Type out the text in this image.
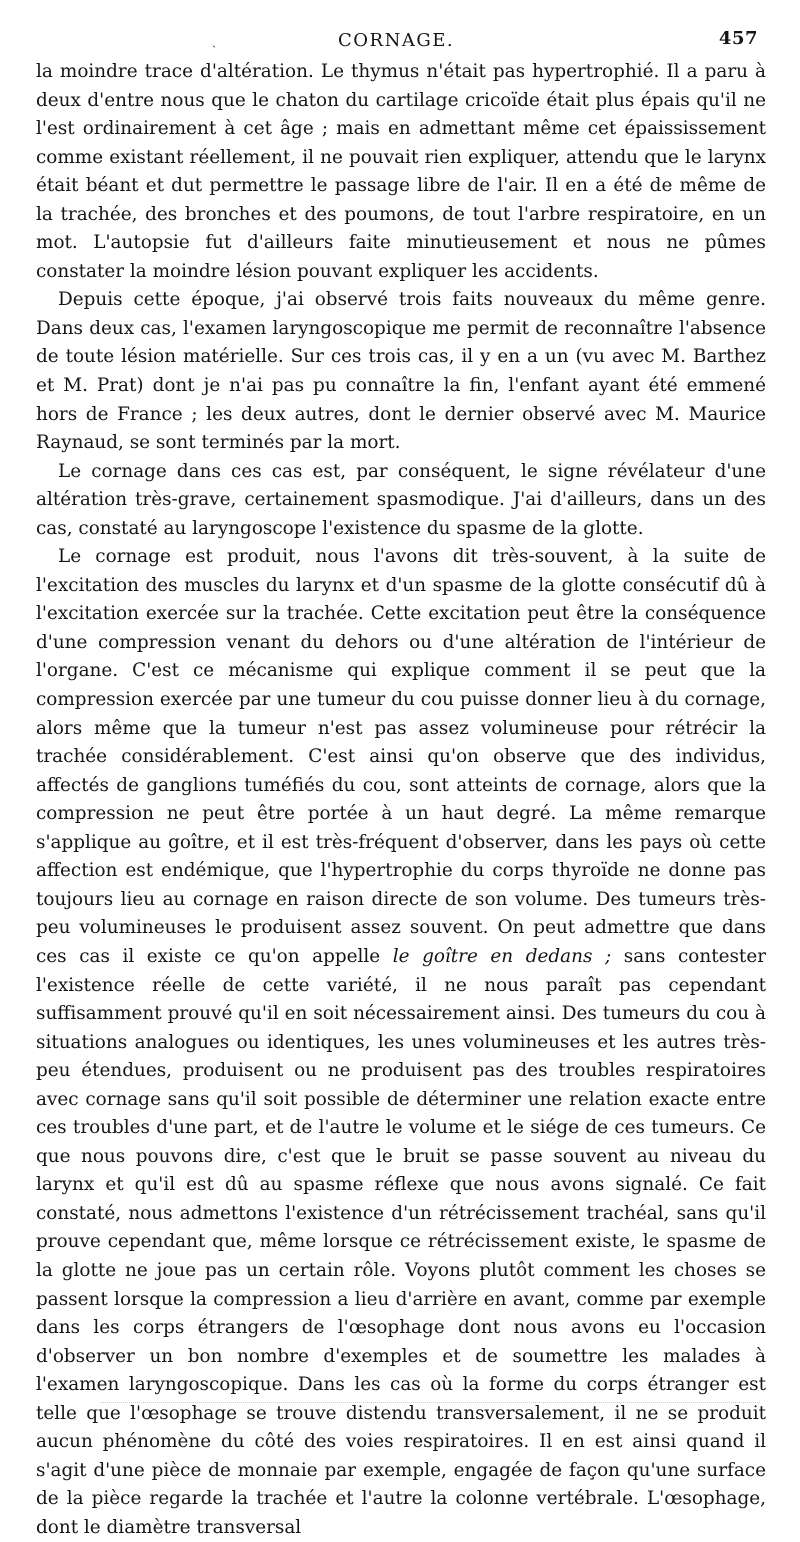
ˎ	CORNAGE.	457

la moindre trace d'altération. Le thymus n'était pas hypertrophié. Il a paru à deux d'entre nous que le chaton du cartilage cricoïde était plus épais qu'il ne l'est ordinairement à cet âge ; mais en admettant même cet épaississement comme existant réellement, il ne pouvait rien expliquer, attendu que le larynx était béant et dut permettre le passage libre de l'air. Il en a été de même de la trachée, des bronches et des poumons, de tout l'arbre respiratoire, en un mot. L'autopsie fut d'ailleurs faite minutieusement et nous ne pûmes constater la moindre lésion pouvant expliquer les accidents.

Depuis cette époque, j'ai observé trois faits nouveaux du même genre. Dans deux cas, l'examen laryngoscopique me permit de reconnaître l'absence de toute lésion matérielle. Sur ces trois cas, il y en a un (vu avec M. Barthez et M. Prat) dont je n'ai pas pu connaître la fin, l'enfant ayant été emmené hors de France ; les deux autres, dont le dernier observé avec M. Maurice Raynaud, se sont terminés par la mort.

Le cornage dans ces cas est, par conséquent, le signe révélateur d'une altération très-grave, certainement spasmodique. J'ai d'ailleurs, dans un des cas, constaté au laryngoscope l'existence du spasme de la glotte.

Le cornage est produit, nous l'avons dit très-souvent, à la suite de l'excitation des muscles du larynx et d'un spasme de la glotte consécutif dû à l'excitation exercée sur la trachée. Cette excitation peut être la conséquence d'une compression venant du dehors ou d'une altération de l'intérieur de l'organe. C'est ce mécanisme qui explique comment il se peut que la compression exercée par une tumeur du cou puisse donner lieu à du cornage, alors même que la tumeur n'est pas assez volumineuse pour rétrécir la trachée considérablement. C'est ainsi qu'on observe que des individus, affectés de ganglions tuméfiés du cou, sont atteints de cornage, alors que la compression ne peut être portée à un haut degré. La même remarque s'applique au goître, et il est très-fréquent d'observer, dans les pays où cette affection est endémique, que l'hypertrophie du corps thyroïde ne donne pas toujours lieu au cornage en raison directe de son volume. Des tumeurs très-peu volumineuses le produisent assez souvent. On peut admettre que dans ces cas il existe ce qu'on appelle le goître en dedans ; sans contester l'existence réelle de cette variété, il ne nous paraît pas cependant suffisamment prouvé qu'il en soit nécessairement ainsi. Des tumeurs du cou à situations analogues ou identiques, les unes volumineuses et les autres très-peu étendues, produisent ou ne produisent pas des troubles respiratoires avec cornage sans qu'il soit possible de déterminer une relation exacte entre ces troubles d'une part, et de l'autre le volume et le siége de ces tumeurs. Ce que nous pouvons dire, c'est que le bruit se passe souvent au niveau du larynx et qu'il est dû au spasme réflexe que nous avons signalé. Ce fait constaté, nous admettons l'existence d'un rétrécissement trachéal, sans qu'il prouve cependant que, même lorsque ce rétrécissement existe, le spasme de la glotte ne joue pas un certain rôle. Voyons plutôt comment les choses se passent lorsque la compression a lieu d'arrière en avant, comme par exemple dans les corps étrangers de l'œsophage dont nous avons eu l'occasion d'observer un bon nombre d'exemples et de soumettre les malades à l'examen laryngoscopique. Dans les cas où la forme du corps étranger est telle que l'œsophage se trouve distendu transversalement, il ne se produit aucun phénomène du côté des voies respiratoires. Il en est ainsi quand il s'agit d'une pièce de monnaie par exemple, engagée de façon qu'une surface de la pièce regarde la trachée et l'autre la colonne vertébrale. L'œsophage, dont le diamètre transversal
